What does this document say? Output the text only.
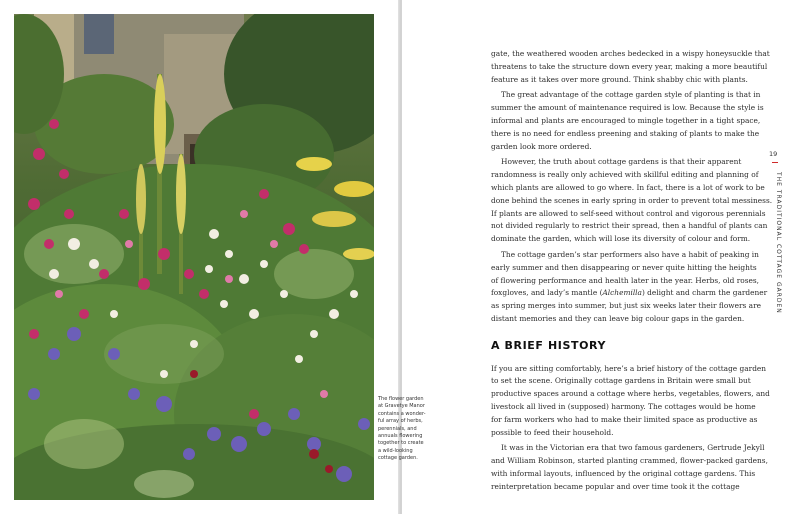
The flower garden
at Gravetye Manor
contains a wonder-
ful array of herbs,
perennials, and
annuals flowering
together to create
a wild-looking
cottage garden.
gate, the weathered wooden arches bedecked in a wispy honeysuckle that
threatens to take the structure down every year, making a more beautiful
feature as it takes over more ground. Think shabby chic with plants.
The great advantage of the cottage garden style of planting is that in
summer the amount of maintenance required is low. Because the style is
informal and plants are encouraged to mingle together in a tight space,
there is no need for endless preening and staking of plants to make the
garden look more ordered.
However, the truth about cottage gardens is that their apparent
randomness is really only achieved with skillful editing and planning of
which plants are allowed to go where. In fact, there is a lot of work to be
done behind the scenes in early spring in order to prevent total messiness.
If plants are allowed to self-seed without control and vigorous perennials
not divided regularly to restrict their spread, then a handful of plants can
dominate the garden, which will lose its diversity of colour and form.
The cottage garden’s star performers also have a habit of peaking in
early summer and then disappearing or never quite hitting the heights
of flowering performance and health later in the year. Herbs, old roses,
foxgloves, and lady’s mantle (Alchemilla) delight and charm the gardener
as spring merges into summer, but just six weeks later their flowers are
distant memories and they can leave big colour gaps in the garden.
A BRIEF HISTORY
If you are sitting comfortably, here’s a brief history of the cottage garden
to set the scene. Originally cottage gardens in Britain were small but
productive spaces around a cottage where herbs, vegetables, flowers, and
livestock all lived in (supposed) harmony. The cottages would be home
for farm workers who had to make their limited space as productive as
possible to feed their household.
It was in the Victorian era that two famous gardeners, Gertrude Jekyll
and William Robinson, started planting crammed, flower-packed gardens,
with informal layouts, influenced by the original cottage gardens. This
reinterpretation became popular and over time took it the cottage
19
THE TRADITIONAL COTTAGE GARDEN
